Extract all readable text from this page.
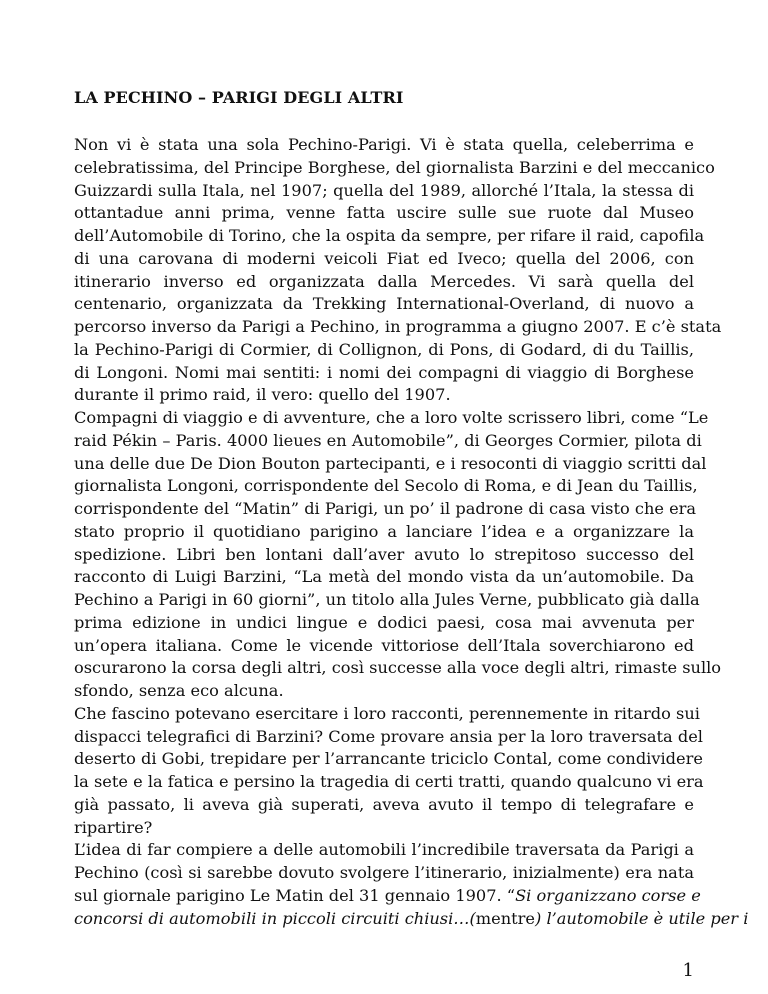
LA PECHINO – PARIGI DEGLI ALTRI
Non vi è stata una sola Pechino-Parigi. Vi è stata quella, celeberrima e
celebratissima, del Principe Borghese, del giornalista Barzini e del meccanico
Guizzardi sulla Itala, nel 1907; quella del 1989, allorché l’Itala, la stessa di
ottantadue anni prima, venne fatta uscire sulle sue ruote dal Museo
dell’Automobile di Torino, che la ospita da sempre, per rifare il raid, capofila
di una carovana di moderni veicoli Fiat ed Iveco; quella del 2006, con
itinerario inverso ed organizzata dalla Mercedes. Vi sarà quella del
centenario, organizzata da Trekking International-Overland, di nuovo a
percorso inverso da Parigi a Pechino, in programma a giugno 2007. E c’è stata
la Pechino-Parigi di Cormier, di Collignon, di Pons, di Godard, di du Taillis,
di Longoni. Nomi mai sentiti: i nomi dei compagni di viaggio di Borghese
durante il primo raid, il vero: quello del 1907.
Compagni di viaggio e di avventure, che a loro volte scrissero libri, come “Le
raid Pékin – Paris. 4000 lieues en Automobile”, di Georges Cormier, pilota di
una delle due De Dion Bouton partecipanti, e i resoconti di viaggio scritti dal
giornalista Longoni, corrispondente del Secolo di Roma, e di Jean du Taillis,
corrispondente del “Matin” di Parigi, un po’ il padrone di casa visto che era
stato proprio il quotidiano parigino a lanciare l’idea e a organizzare la
spedizione. Libri ben lontani dall’aver avuto lo strepitoso successo del
racconto di Luigi Barzini, “La metà del mondo vista da un’automobile. Da
Pechino a Parigi in 60 giorni”, un titolo alla Jules Verne, pubblicato già dalla
prima edizione in undici lingue e dodici paesi, cosa mai avvenuta per
un’opera italiana. Come le vicende vittoriose dell’Itala soverchiarono ed
oscurarono la corsa degli altri, così successe alla voce degli altri, rimaste sullo
sfondo, senza eco alcuna.
Che fascino potevano esercitare i loro racconti, perennemente in ritardo sui
dispacci telegrafici di Barzini? Come provare ansia per la loro traversata del
deserto di Gobi, trepidare per l’arrancante triciclo Contal, come condividere
la sete e la fatica e persino la tragedia di certi tratti, quando qualcuno vi era
già passato, li aveva già superati, aveva avuto il tempo di telegrafare e
ripartire?
L’idea di far compiere a delle automobili l’incredibile traversata da Parigi a
Pechino (così si sarebbe dovuto svolgere l’itinerario, inizialmente) era nata
sul giornale parigino Le Matin del 31 gennaio 1907. “Si organizzano corse e
concorsi di automobili in piccoli circuiti chiusi…(mentre) l’automobile è utile per i
1
